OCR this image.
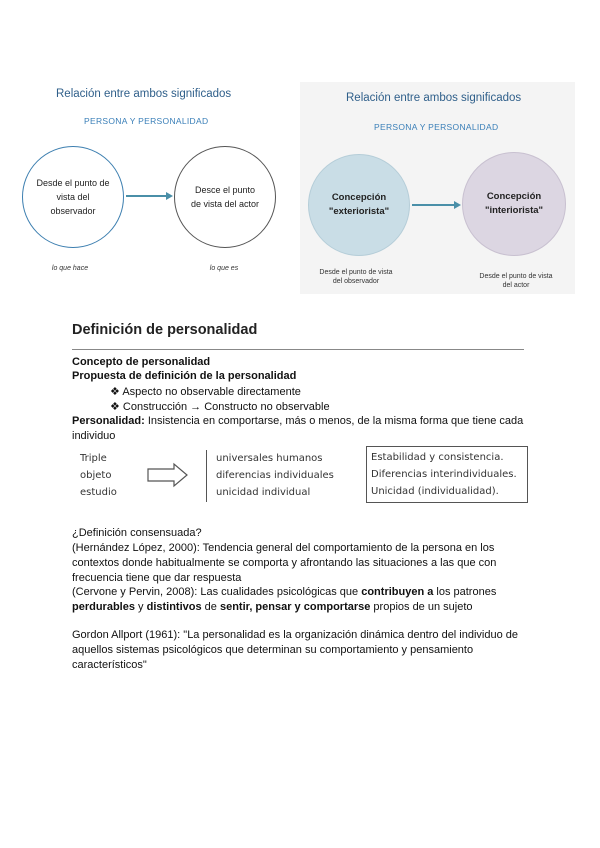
Relación entre ambos significados
PERSONA Y PERSONALIDAD
Desde el punto de vista del observador
Desce el punto de vista del actor
lo que hace	lo que es
Relación entre ambos significados
PERSONA Y PERSONALIDAD
Concepción "exteriorista"
Concepción "interiorista"
Desde el punto de vista del observador
Desde el punto de vista del actor
Definición de personalidad
Concepto de personalidad
Propuesta de definición de la personalidad
❖ Aspecto no observable directamente
❖ Construcción → Constructo no observable
Personalidad: Insistencia en comportarse, más o menos, de la misma forma que tiene cada individuo
Triple
objeto
estudio
universales humanos
diferencias individuales
unicidad individual
Estabilidad y consistencia.
Diferencias interindividuales.
Unicidad (individualidad).
¿Definición consensuada?
(Hernández López, 2000): Tendencia general del comportamiento de la persona en los contextos donde habitualmente se comporta y afrontando las situaciones a las que con frecuencia tiene que dar respuesta
(Cervone y Pervin, 2008): Las cualidades psicológicas que contribuyen a los patrones
perdurables y distintivos de sentir, pensar y comportarse propios de un sujeto
Gordon Allport (1961): "La personalidad es la organización dinámica dentro del individuo de aquellos sistemas psicológicos que determinan su comportamiento y pensamiento característicos"
